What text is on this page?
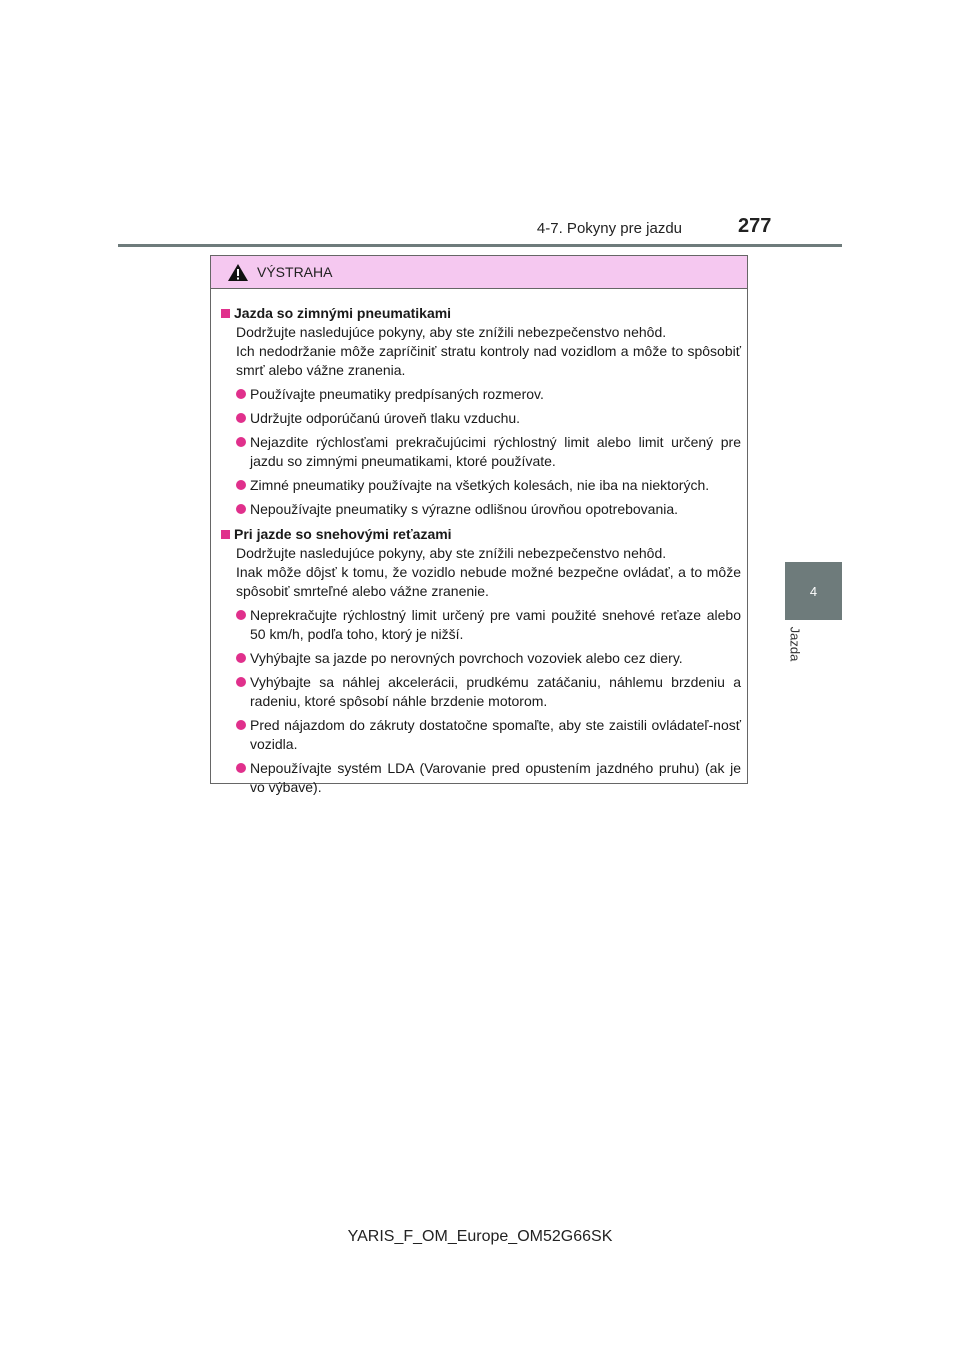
4-7. Pokyny pre jazdu	277
4
Jazda
VÝSTRAHA
Jazda so zimnými pneumatikami
Dodržujte nasledujúce pokyny, aby ste znížili nebezpečenstvo nehôd.
Ich nedodržanie môže zapríčiniť stratu kontroly nad vozidlom a môže to spôsobiť smrť alebo vážne zranenia.
Používajte pneumatiky predpísaných rozmerov.
Udržujte odporúčanú úroveň tlaku vzduchu.
Nejazdite rýchlosťami prekračujúcimi rýchlostný limit alebo limit určený pre jazdu so zimnými pneumatikami, ktoré používate.
Zimné pneumatiky používajte na všetkých kolesách, nie iba na niektorých.
Nepoužívajte pneumatiky s výrazne odlišnou úrovňou opotrebovania.
Pri jazde so snehovými reťazami
Dodržujte nasledujúce pokyny, aby ste znížili nebezpečenstvo nehôd.
Inak môže dôjsť k tomu, že vozidlo nebude možné bezpečne ovládať, a to môže spôsobiť smrteľné alebo vážne zranenie.
Neprekračujte rýchlostný limit určený pre vami použité snehové reťaze alebo 50 km/h, podľa toho, ktorý je nižší.
Vyhýbajte sa jazde po nerovných povrchoch vozoviek alebo cez diery.
Vyhýbajte sa náhlej akcelerácii, prudkému zatáčaniu, náhlemu brzdeniu a radeniu, ktoré spôsobí náhle brzdenie motorom.
Pred nájazdom do zákruty dostatočne spomaľte, aby ste zaistili ovládateľ-nosť vozidla.
Nepoužívajte systém LDA (Varovanie pred opustením jazdného pruhu) (ak je vo výbave).
YARIS_F_OM_Europe_OM52G66SK
